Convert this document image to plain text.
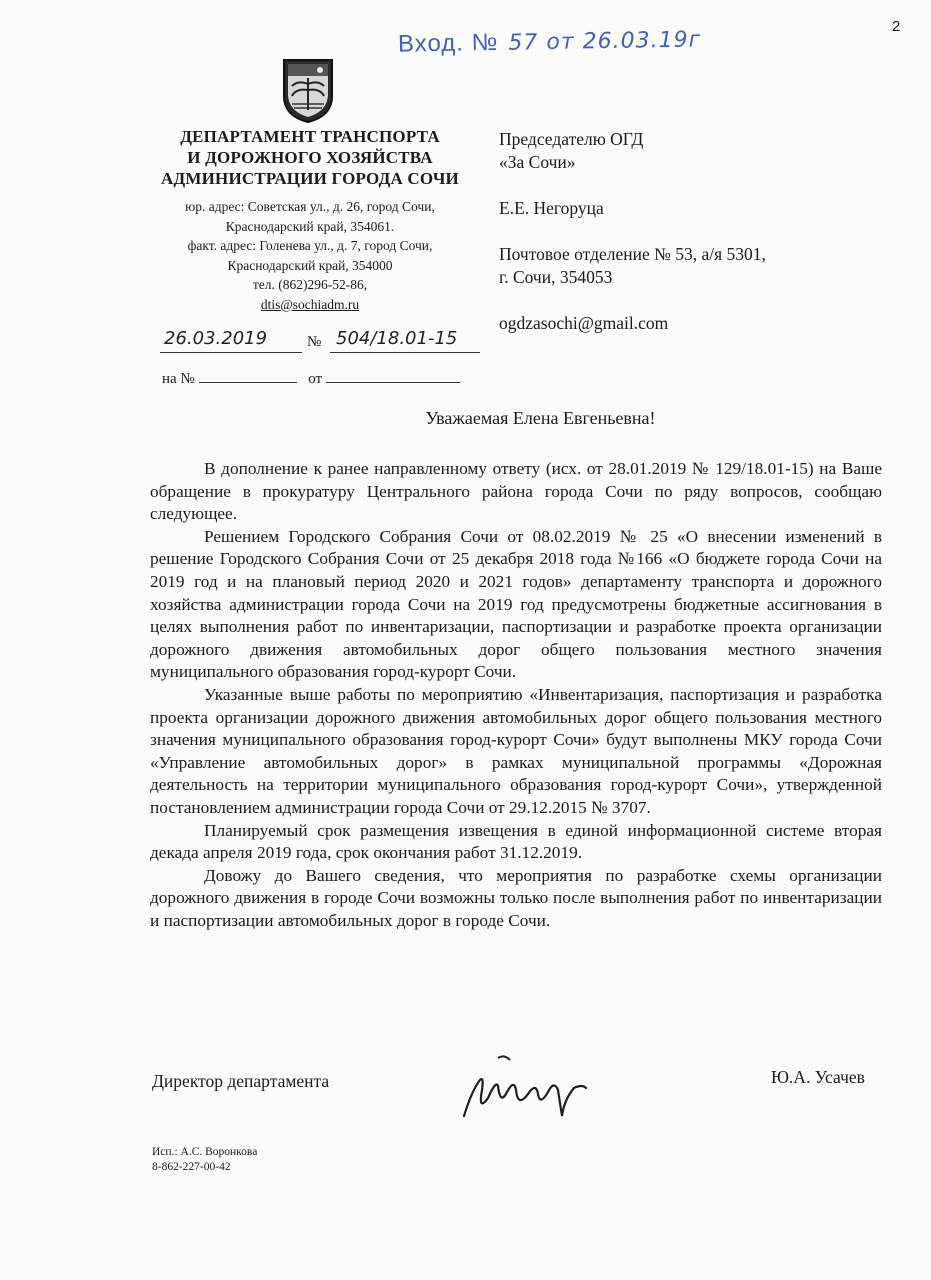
Вход. № 57 от 26.03.19г
2
ДЕПАРТАМЕНТ ТРАНСПОРТА
И ДОРОЖНОГО ХОЗЯЙСТВА
АДМИНИСТРАЦИИ ГОРОДА СОЧИ
юр. адрес: Советская ул., д. 26, город Сочи,
Краснодарский край, 354061.
факт. адрес: Голенева ул., д. 7, город Сочи,
Краснодарский край, 354000
тел. (862)296-52-86,
dtis@sochiadm.ru
26.03.2019	№ 504/18.01-15
на №	от
Председателю ОГД
«За Сочи»
Е.Е. Негоруца
Почтовое отделение № 53, а/я 5301,
г. Сочи, 354053
ogdzasochi@gmail.com
Уважаемая Елена Евгеньевна!

В дополнение к ранее направленному ответу (исх. от 28.01.2019 № 129/18.01-15) на Ваше обращение в прокуратуру Центрального района города Сочи по ряду вопросов, сообщаю следующее.

Решением Городского Собрания Сочи от 08.02.2019 № 25 «О внесении изменений в решение Городского Собрания Сочи от 25 декабря 2018 года №166 «О бюджете города Сочи на 2019 год и на плановый период 2020 и 2021 годов» департаменту транспорта и дорожного хозяйства администрации города Сочи на 2019 год предусмотрены бюджетные ассигнования в целях выполнения работ по инвентаризации, паспортизации и разработке проекта организации дорожного движения автомобильных дорог общего пользования местного значения муниципального образования город-курорт Сочи.

Указанные выше работы по мероприятию «Инвентаризация, паспортизация и разработка проекта организации дорожного движения автомобильных дорог общего пользования местного значения муниципального образования город-курорт Сочи» будут выполнены МКУ города Сочи «Управление автомобильных дорог» в рамках муниципальной программы «Дорожная деятельность на территории муниципального образования город-курорт Сочи», утвержденной постановлением администрации города Сочи от 29.12.2015 № 3707.

Планируемый срок размещения извещения в единой информационной системе вторая декада апреля 2019 года, срок окончания работ 31.12.2019.

Довожу до Вашего сведения, что мероприятия по разработке схемы организации дорожного движения в городе Сочи возможны только после выполнения работ по инвентаризации и паспортизации автомобильных дорог в городе Сочи.

Директор департамента	Ю.А. Усачев
Исп.: А.С. Воронкова
8-862-227-00-42
